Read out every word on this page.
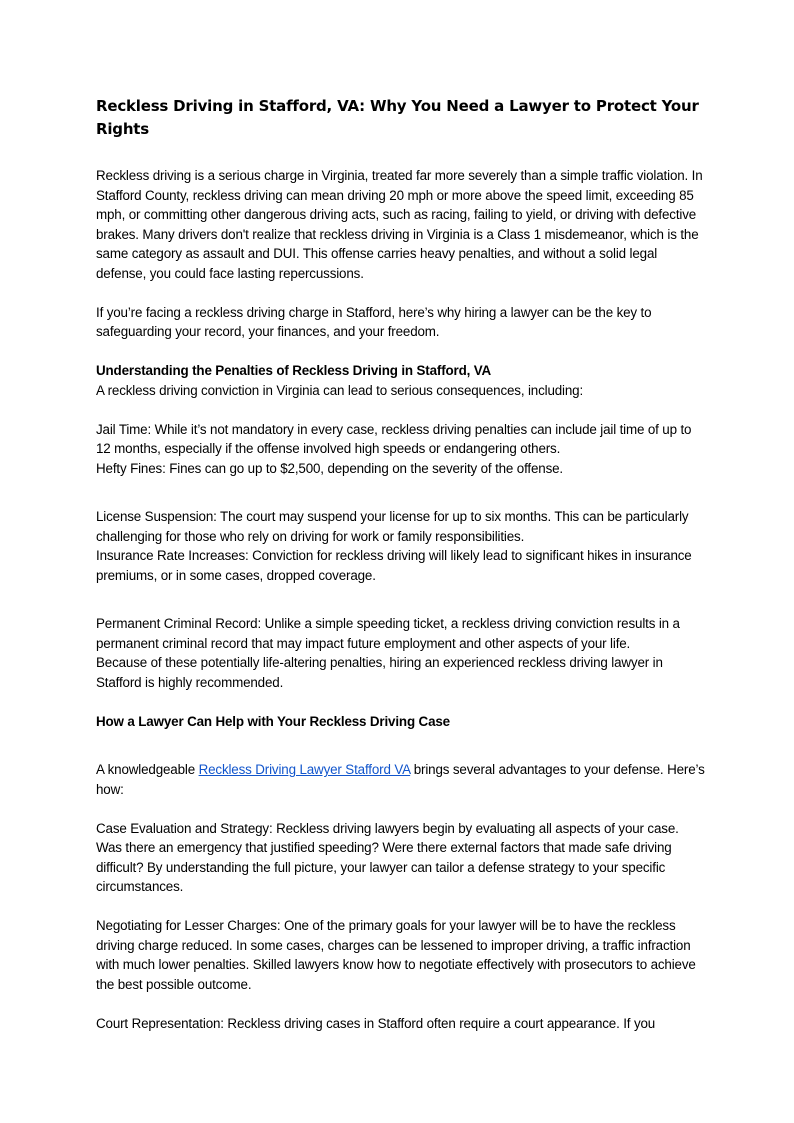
Reckless Driving in Stafford, VA: Why You Need a Lawyer to Protect Your Rights

Reckless driving is a serious charge in Virginia, treated far more severely than a simple traffic violation. In Stafford County, reckless driving can mean driving 20 mph or more above the speed limit, exceeding 85 mph, or committing other dangerous driving acts, such as racing, failing to yield, or driving with defective brakes. Many drivers don't realize that reckless driving in Virginia is a Class 1 misdemeanor, which is the same category as assault and DUI. This offense carries heavy penalties, and without a solid legal defense, you could face lasting repercussions.

If you’re facing a reckless driving charge in Stafford, here’s why hiring a lawyer can be the key to safeguarding your record, your finances, and your freedom.

Understanding the Penalties of Reckless Driving in Stafford, VA

A reckless driving conviction in Virginia can lead to serious consequences, including:

Jail Time: While it’s not mandatory in every case, reckless driving penalties can include jail time of up to 12 months, especially if the offense involved high speeds or endangering others.

Hefty Fines: Fines can go up to $2,500, depending on the severity of the offense.

License Suspension: The court may suspend your license for up to six months. This can be particularly challenging for those who rely on driving for work or family responsibilities.

Insurance Rate Increases: Conviction for reckless driving will likely lead to significant hikes in insurance premiums, or in some cases, dropped coverage.

Permanent Criminal Record: Unlike a simple speeding ticket, a reckless driving conviction results in a permanent criminal record that may impact future employment and other aspects of your life.

Because of these potentially life-altering penalties, hiring an experienced reckless driving lawyer in Stafford is highly recommended.

How a Lawyer Can Help with Your Reckless Driving Case

A knowledgeable Reckless Driving Lawyer Stafford VA brings several advantages to your defense. Here’s how:

Case Evaluation and Strategy: Reckless driving lawyers begin by evaluating all aspects of your case. Was there an emergency that justified speeding? Were there external factors that made safe driving difficult? By understanding the full picture, your lawyer can tailor a defense strategy to your specific circumstances.

Negotiating for Lesser Charges: One of the primary goals for your lawyer will be to have the reckless driving charge reduced. In some cases, charges can be lessened to improper driving, a traffic infraction with much lower penalties. Skilled lawyers know how to negotiate effectively with prosecutors to achieve the best possible outcome.

Court Representation: Reckless driving cases in Stafford often require a court appearance. If you
